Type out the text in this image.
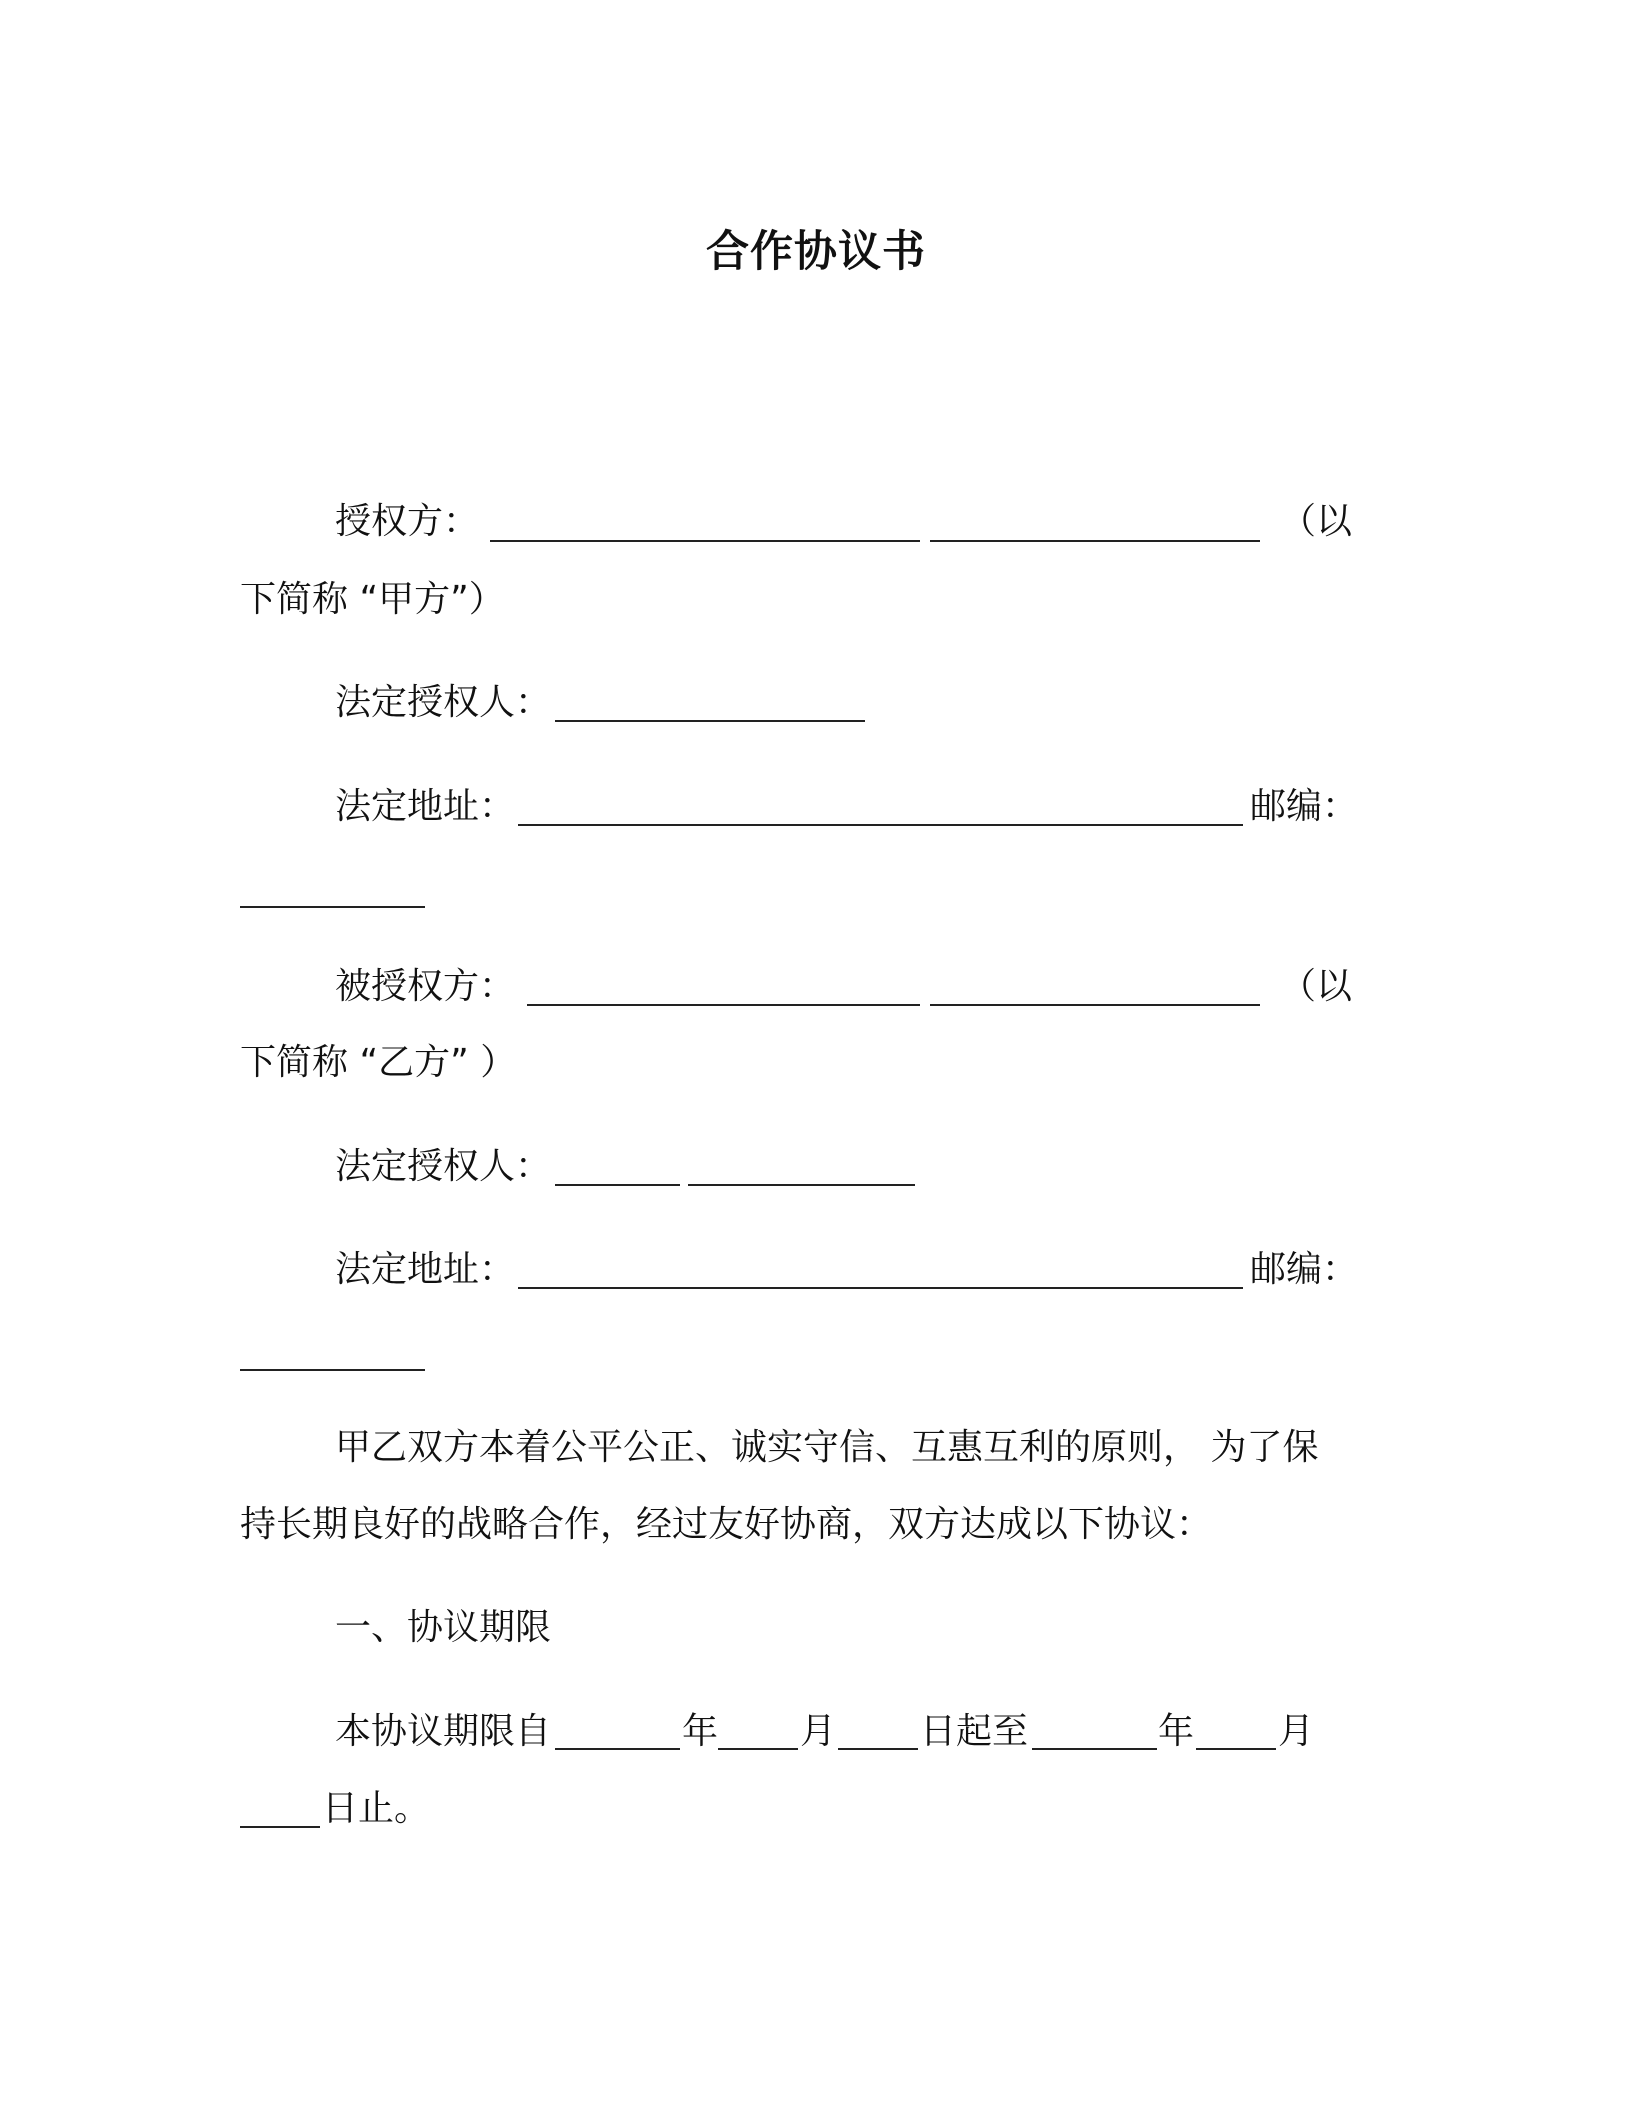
合作协议书
授权方：	（以
下简称 “甲方”）
法定授权人：
法定地址：	邮编：
被授权方：	（以
下简称 “乙方” ）
法定授权人：
法定地址：	邮编：
甲乙双方本着公平公正、诚实守信、互惠互利的原则， 为了保
持长期良好的战略合作，经过友好协商，双方达成以下协议：
一、协议期限
本协议期限自	年 月 日起至	年 月
日止。
